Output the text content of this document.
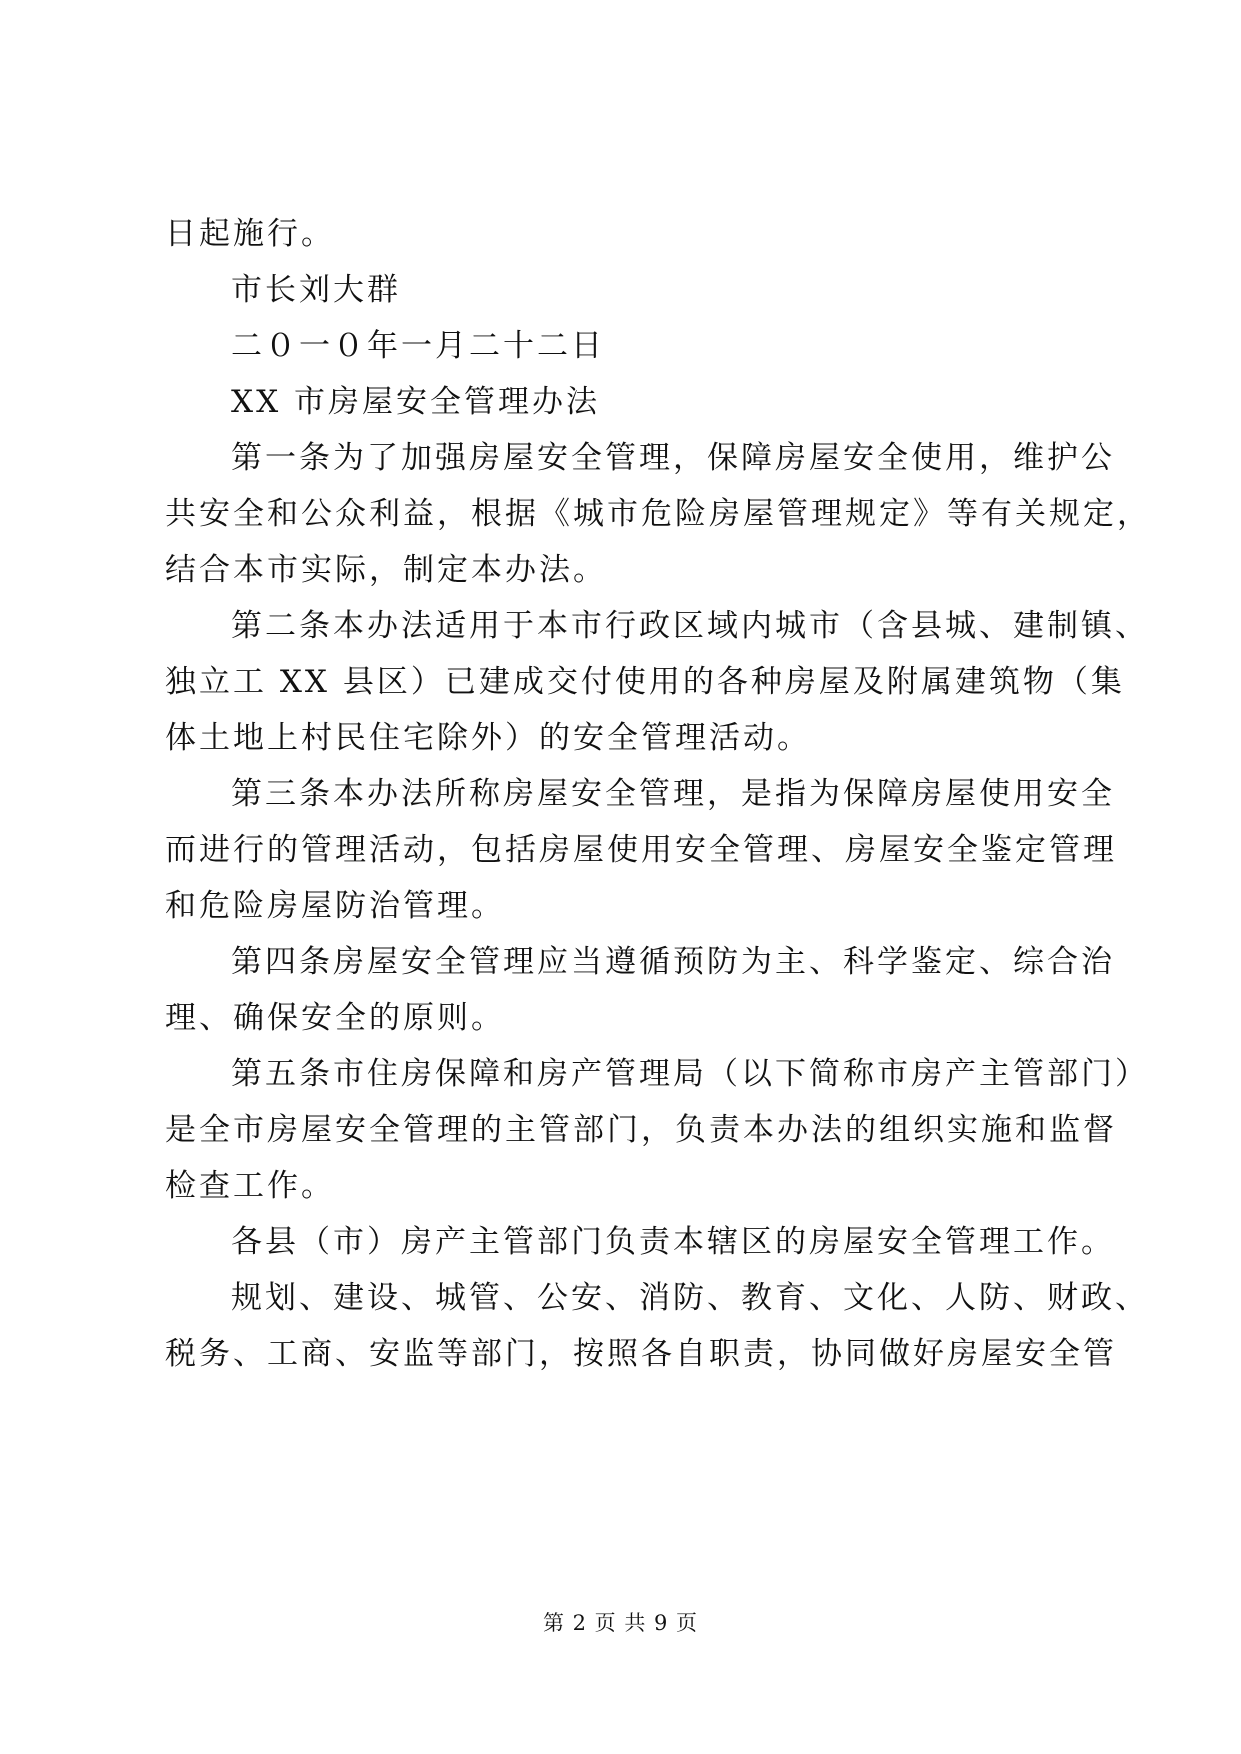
日起施行。
市长刘大群
二０一０年一月二十二日
XX 市房屋安全管理办法
第一条为了加强房屋安全管理，保障房屋安全使用，维护公
共安全和公众利益，根据《城市危险房屋管理规定》等有关规定，
结合本市实际，制定本办法。
第二条本办法适用于本市行政区域内城市（含县城、建制镇、
独立工 XX 县区）已建成交付使用的各种房屋及附属建筑物（集
体土地上村民住宅除外）的安全管理活动。
第三条本办法所称房屋安全管理，是指为保障房屋使用安全
而进行的管理活动，包括房屋使用安全管理、房屋安全鉴定管理
和危险房屋防治管理。
第四条房屋安全管理应当遵循预防为主、科学鉴定、综合治
理、确保安全的原则。
第五条市住房保障和房产管理局（以下简称市房产主管部门）
是全市房屋安全管理的主管部门，负责本办法的组织实施和监督
检查工作。
各县（市）房产主管部门负责本辖区的房屋安全管理工作。
规划、建设、城管、公安、消防、教育、文化、人防、财政、
税务、工商、安监等部门，按照各自职责，协同做好房屋安全管
第 2 页 共 9 页
